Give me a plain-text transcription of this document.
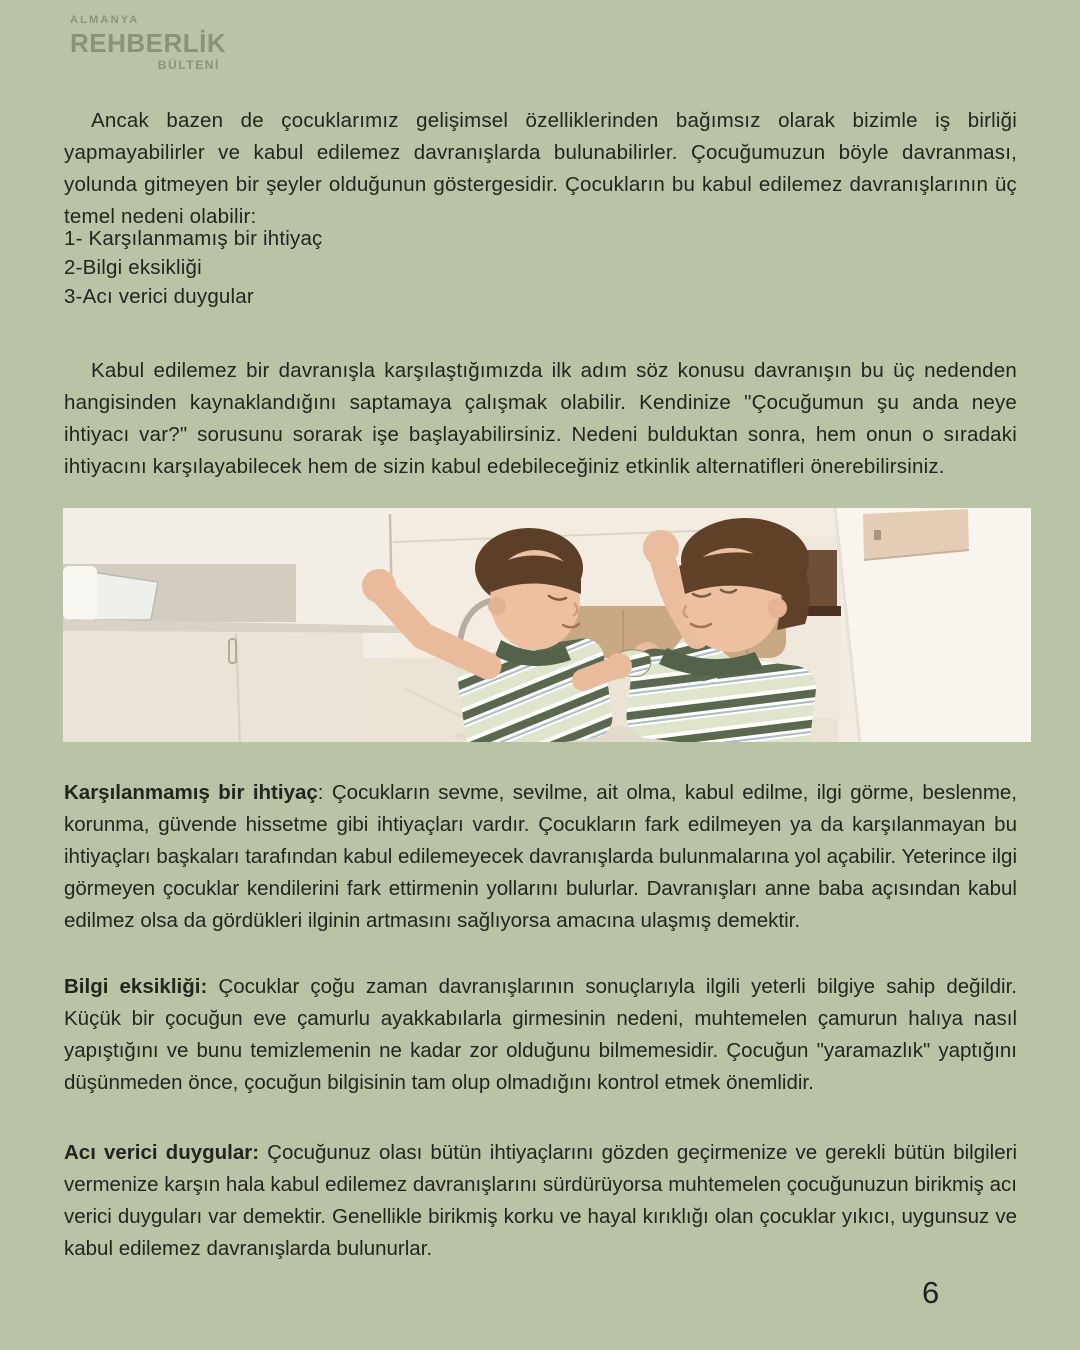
ALMANYA
REHBERLİK
BÜLTENİ

Ancak bazen de çocuklarımız gelişimsel özelliklerinden bağımsız olarak bizimle iş birliği yapmayabilirler ve kabul edilemez davranışlarda bulunabilirler. Çocuğumuzun böyle davranması, yolunda gitmeyen bir şeyler olduğunun göstergesidir. Çocukların bu kabul edilemez davranışlarının üç temel nedeni olabilir:

1- Karşılanmamış bir ihtiyaç
2-Bilgi eksikliği
3-Acı verici duygular

Kabul edilemez bir davranışla karşılaştığımızda ilk adım söz konusu davranışın bu üç nedenden hangisinden kaynaklandığını saptamaya çalışmak olabilir. Kendinize "Çocuğumun şu anda neye ihtiyacı var?" sorusunu sorarak işe başlayabilirsiniz. Nedeni bulduktan sonra, hem onun o sıradaki ihtiyacını karşılayabilecek hem de sizin kabul edebileceğiniz etkinlik alternatifleri önerebilirsiniz.

Karşılanmamış bir ihtiyaç: Çocukların sevme, sevilme, ait olma, kabul edilme, ilgi görme, beslenme, korunma, güvende hissetme gibi ihtiyaçları vardır. Çocukların fark edilmeyen ya da karşılanmayan bu ihtiyaçları başkaları tarafından kabul edilemeyecek davranışlarda bulunmalarına yol açabilir. Yeterince ilgi görmeyen çocuklar kendilerini fark ettirmenin yollarını bulurlar. Davranışları anne baba açısından kabul edilmez olsa da gördükleri ilginin artmasını sağlıyorsa amacına ulaşmış demektir.

Bilgi eksikliği: Çocuklar çoğu zaman davranışlarının sonuçlarıyla ilgili yeterli bilgiye sahip değildir. Küçük bir çocuğun eve çamurlu ayakkabılarla girmesinin nedeni, muhtemelen çamurun halıya nasıl yapıştığını ve bunu temizlemenin ne kadar zor olduğunu bilmemesidir. Çocuğun "yaramazlık" yaptığını düşünmeden önce, çocuğun bilgisinin tam olup olmadığını kontrol etmek önemlidir.

Acı verici duygular: Çocuğunuz olası bütün ihtiyaçlarını gözden geçirmenize ve gerekli bütün bilgileri vermenize karşın hala kabul edilemez davranışlarını sürdürüyorsa muhtemelen çocuğunuzun birikmiş acı verici duyguları var demektir. Genellikle birikmiş korku ve hayal kırıklığı olan çocuklar yıkıcı, uygunsuz ve kabul edilemez davranışlarda bulunurlar.

6
